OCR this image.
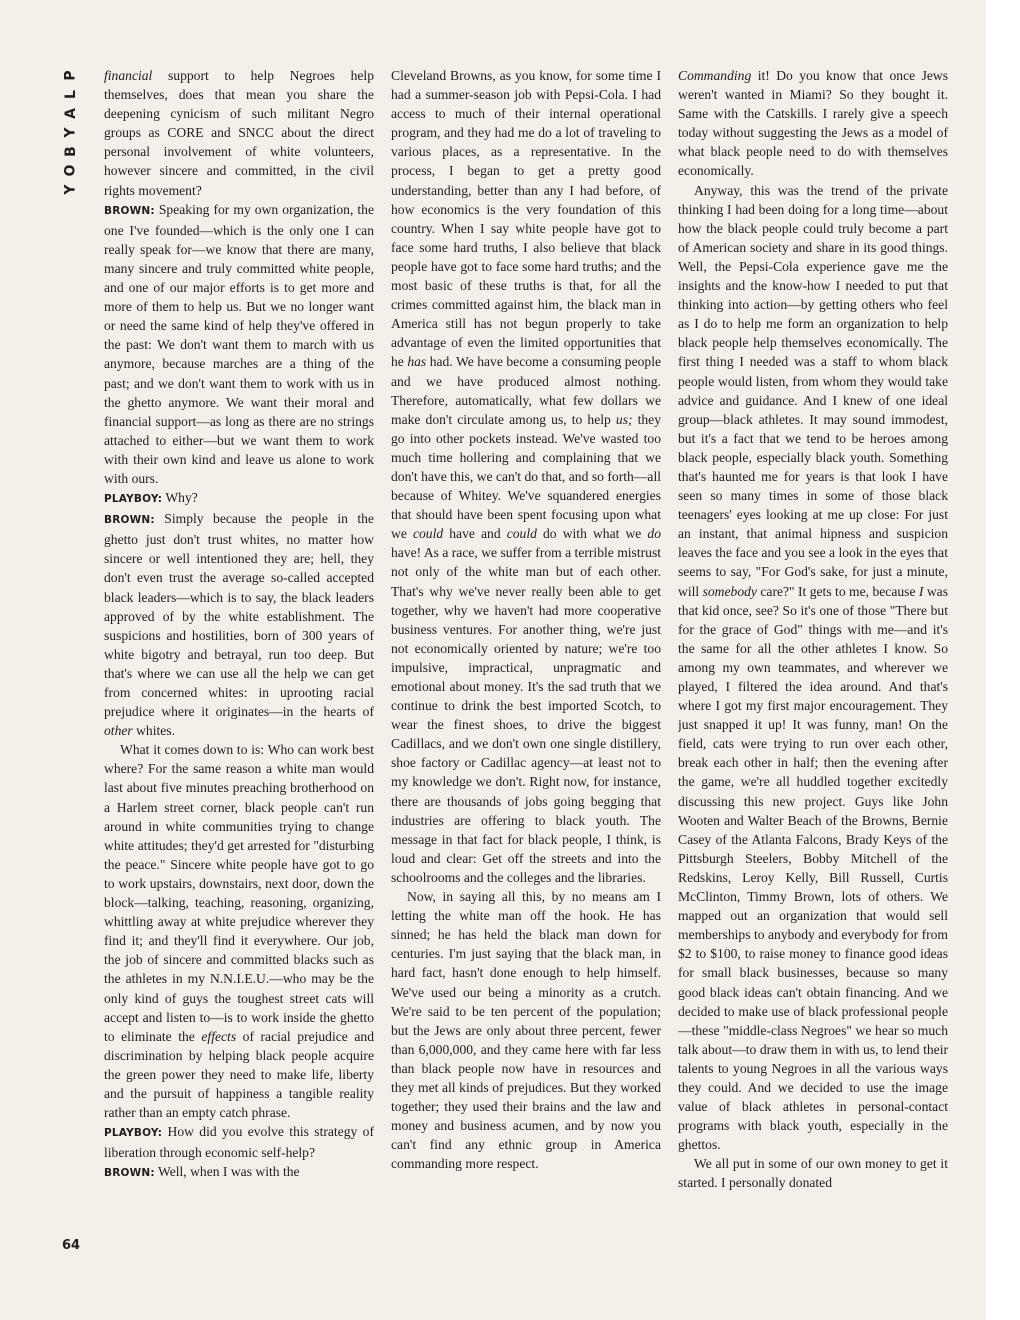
P
L
A
Y
B
O
Y
64

financial support to help Negroes help themselves, does that mean you share the deepening cynicism of such militant Negro groups as CORE and SNCC about the direct personal involvement of white volunteers, however sincere and committed, in the civil rights movement?

BROWN: Speaking for my own organization, the one I've founded—which is the only one I can really speak for—we know that there are many, many sincere and truly committed white people, and one of our major efforts is to get more and more of them to help us. But we no longer want or need the same kind of help they've offered in the past: We don't want them to march with us anymore, because marches are a thing of the past; and we don't want them to work with us in the ghetto anymore. We want their moral and financial support—as long as there are no strings attached to either—but we want them to work with their own kind and leave us alone to work with ours.

PLAYBOY: Why?

BROWN: Simply because the people in the ghetto just don't trust whites, no matter how sincere or well intentioned they are; hell, they don't even trust the average so-called accepted black leaders—which is to say, the black leaders approved of by the white establishment. The suspicions and hostilities, born of 300 years of white bigotry and betrayal, run too deep. But that's where we can use all the help we can get from concerned whites: in uprooting racial prejudice where it originates—in the hearts of other whites.

What it comes down to is: Who can work best where? For the same reason a white man would last about five minutes preaching brotherhood on a Harlem street corner, black people can't run around in white communities trying to change white attitudes; they'd get arrested for "disturbing the peace." Sincere white people have got to go to work upstairs, downstairs, next door, down the block—talking, teaching, reasoning, organizing, whittling away at white prejudice wherever they find it; and they'll find it everywhere. Our job, the job of sincere and committed blacks such as the athletes in my N.N.I.E.U.—who may be the only kind of guys the toughest street cats will accept and listen to—is to work inside the ghetto to eliminate the effects of racial prejudice and discrimination by helping black people acquire the green power they need to make life, liberty and the pursuit of happiness a tangible reality rather than an empty catch phrase.

PLAYBOY: How did you evolve this strategy of liberation through economic self-help?

BROWN: Well, when I was with the

Cleveland Browns, as you know, for some time I had a summer-season job with Pepsi-Cola. I had access to much of their internal operational program, and they had me do a lot of traveling to various places, as a representative. In the process, I began to get a pretty good understanding, better than any I had before, of how economics is the very foundation of this country. When I say white people have got to face some hard truths, I also believe that black people have got to face some hard truths; and the most basic of these truths is that, for all the crimes committed against him, the black man in America still has not begun properly to take advantage of even the limited opportunities that he has had. We have become a consuming people and we have produced almost nothing. Therefore, automatically, what few dollars we make don't circulate among us, to help us; they go into other pockets instead. We've wasted too much time hollering and complaining that we don't have this, we can't do that, and so forth—all because of Whitey. We've squandered energies that should have been spent focusing upon what we could have and could do with what we do have! As a race, we suffer from a terrible mistrust not only of the white man but of each other. That's why we've never really been able to get together, why we haven't had more cooperative business ventures. For another thing, we're just not economically oriented by nature; we're too impulsive, impractical, unpragmatic and emotional about money. It's the sad truth that we continue to drink the best imported Scotch, to wear the finest shoes, to drive the biggest Cadillacs, and we don't own one single distillery, shoe factory or Cadillac agency—at least not to my knowledge we don't. Right now, for instance, there are thousands of jobs going begging that industries are offering to black youth. The message in that fact for black people, I think, is loud and clear: Get off the streets and into the schoolrooms and the colleges and the libraries.

Now, in saying all this, by no means am I letting the white man off the hook. He has sinned; he has held the black man down for centuries. I'm just saying that the black man, in hard fact, hasn't done enough to help himself. We've used our being a minority as a crutch. We're said to be ten percent of the population; but the Jews are only about three percent, fewer than 6,000,000, and they came here with far less than black people now have in resources and they met all kinds of prejudices. But they worked together; they used their brains and the law and money and business acumen, and by now you can't find any ethnic group in America commanding more respect.

Commanding it! Do you know that once Jews weren't wanted in Miami? So they bought it. Same with the Catskills. I rarely give a speech today without suggesting the Jews as a model of what black people need to do with themselves economically.

Anyway, this was the trend of the private thinking I had been doing for a long time—about how the black people could truly become a part of American society and share in its good things. Well, the Pepsi-Cola experience gave me the insights and the know-how I needed to put that thinking into action—by getting others who feel as I do to help me form an organization to help black people help themselves economically. The first thing I needed was a staff to whom black people would listen, from whom they would take advice and guidance. And I knew of one ideal group—black athletes. It may sound immodest, but it's a fact that we tend to be heroes among black people, especially black youth. Something that's haunted me for years is that look I have seen so many times in some of those black teenagers' eyes looking at me up close: For just an instant, that animal hipness and suspicion leaves the face and you see a look in the eyes that seems to say, "For God's sake, for just a minute, will somebody care?" It gets to me, because I was that kid once, see? So it's one of those "There but for the grace of God" things with me—and it's the same for all the other athletes I know. So among my own teammates, and wherever we played, I filtered the idea around. And that's where I got my first major encouragement. They just snapped it up! It was funny, man! On the field, cats were trying to run over each other, break each other in half; then the evening after the game, we're all huddled together excitedly discussing this new project. Guys like John Wooten and Walter Beach of the Browns, Bernie Casey of the Atlanta Falcons, Brady Keys of the Pittsburgh Steelers, Bobby Mitchell of the Redskins, Leroy Kelly, Bill Russell, Curtis McClinton, Timmy Brown, lots of others. We mapped out an organization that would sell memberships to anybody and everybody for from $2 to $100, to raise money to finance good ideas for small black businesses, because so many good black ideas can't obtain financing. And we decided to make use of black professional people—these "middle-class Negroes" we hear so much talk about—to draw them in with us, to lend their talents to young Negroes in all the various ways they could. And we decided to use the image value of black athletes in personal-contact programs with black youth, especially in the ghettos.

We all put in some of our own money to get it started. I personally donated
